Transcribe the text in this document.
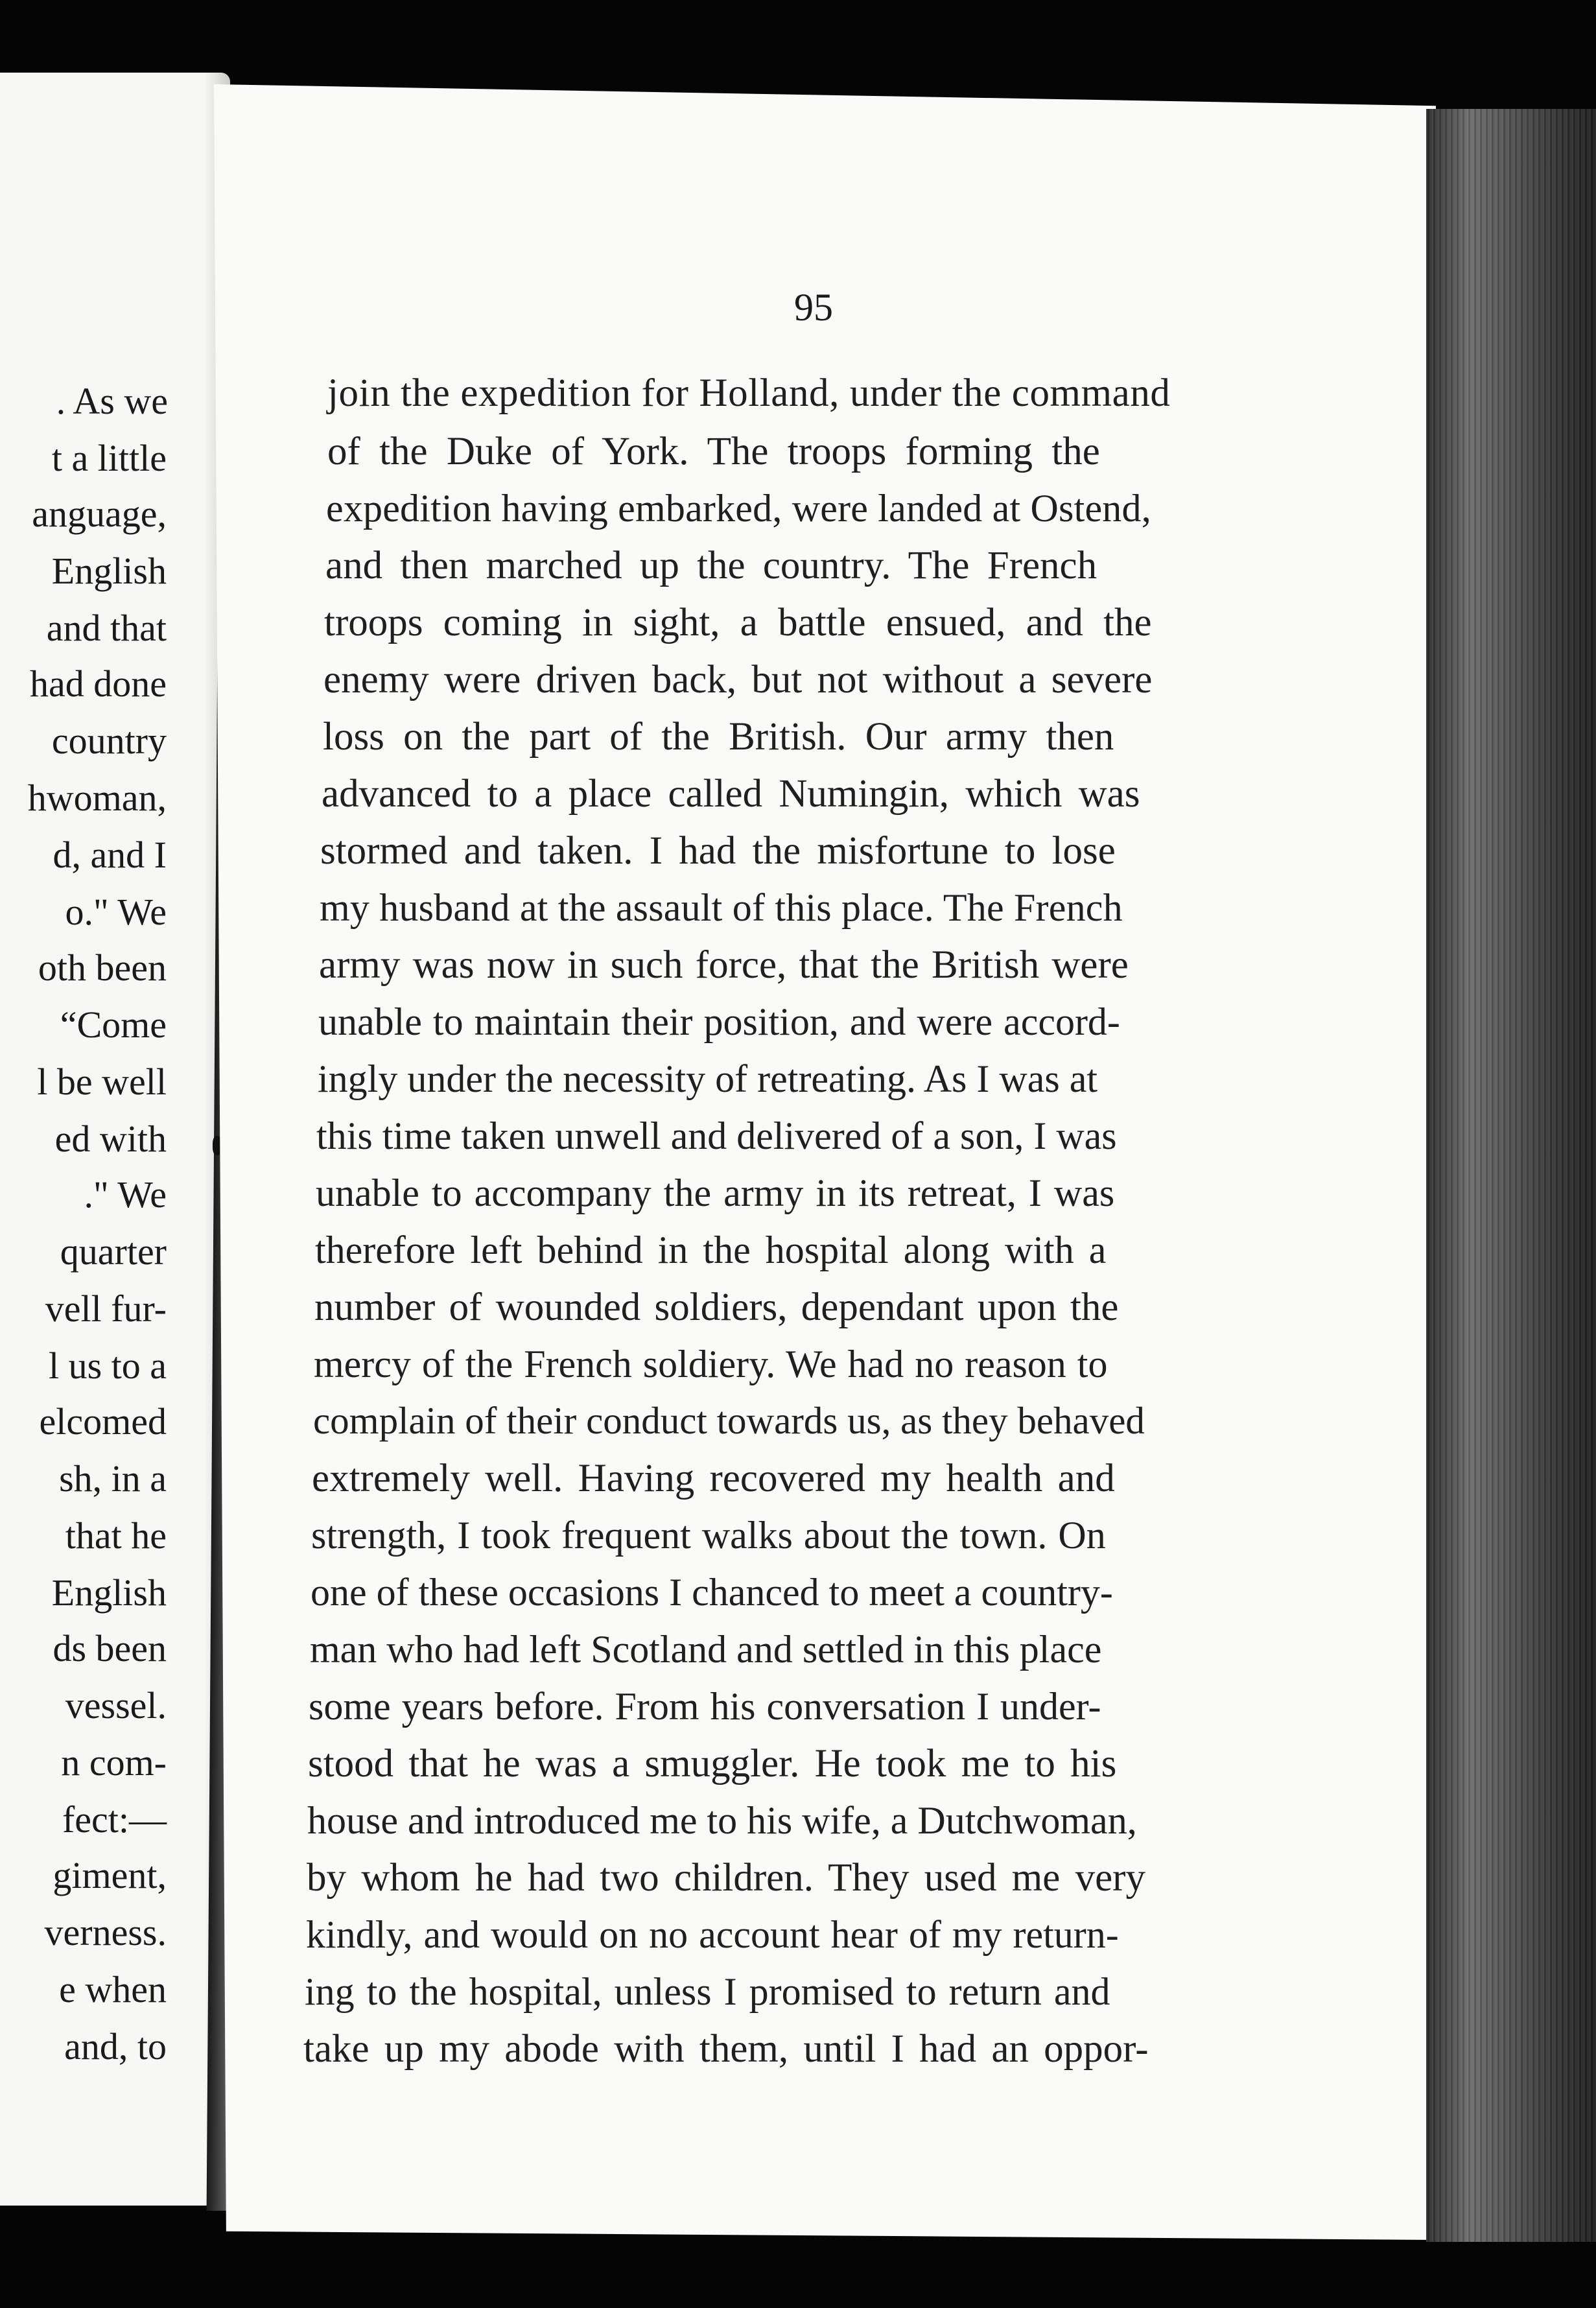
. As we
t a little
anguage,
English
and that
had done
country
hwoman,
d, and I
o." We
oth been
“Come
l be well
ed with
." We
quarter
vell fur-
l us to a
elcomed
sh, in a
that he
English
ds been
vessel.
n com-
fect:—
giment,
verness.
e when
and, to
95
join the expedition for Holland, under the command
of the Duke of York. The troops forming the
expedition having embarked, were landed at Ostend,
and then marched up the country. The French
troops coming in sight, a battle ensued, and the
enemy were driven back, but not without a severe
loss on the part of the British. Our army then
advanced to a place called Numingin, which was
stormed and taken. I had the misfortune to lose
my husband at the assault of this place. The French
army was now in such force, that the British were
unable to maintain their position, and were accord-
ingly under the necessity of retreating. As I was at
this time taken unwell and delivered of a son, I was
unable to accompany the army in its retreat, I was
therefore left behind in the hospital along with a
number of wounded soldiers, dependant upon the
mercy of the French soldiery. We had no reason to
complain of their conduct towards us, as they behaved
extremely well. Having recovered my health and
strength, I took frequent walks about the town. On
one of these occasions I chanced to meet a country-
man who had left Scotland and settled in this place
some years before. From his conversation I under-
stood that he was a smuggler. He took me to his
house and introduced me to his wife, a Dutchwoman,
by whom he had two children. They used me very
kindly, and would on no account hear of my return-
ing to the hospital, unless I promised to return and
take up my abode with them, until I had an oppor-
